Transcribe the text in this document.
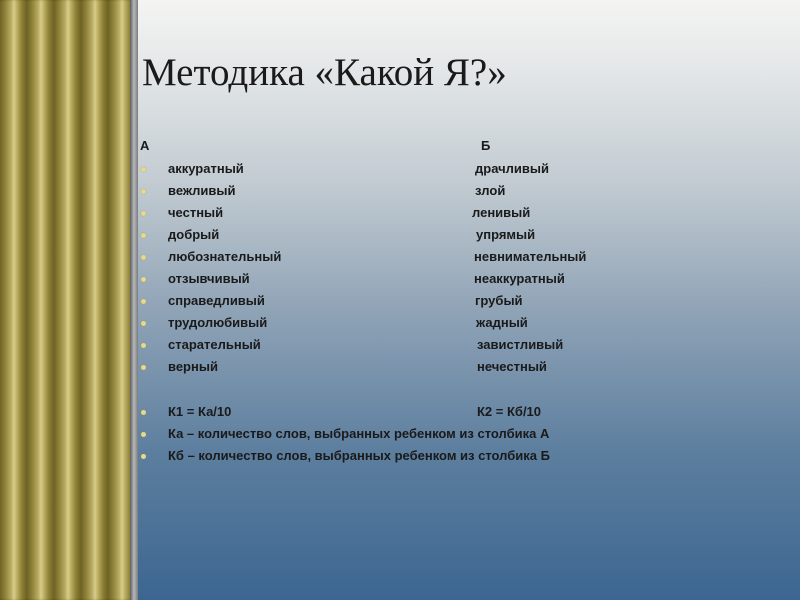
Методика «Какой Я?»
А	Б
аккуратный	драчливый
вежливый	злой
честный	ленивый
добрый	упрямый
любознательный	невнимательный
отзывчивый	неаккуратный
справедливый	грубый
трудолюбивый	жадный
старательный	завистливый
верный	нечестный
К1 = Ка/10	К2 = Кб/10
Ка – количество слов, выбранных ребенком из столбика А
Кб – количество слов, выбранных ребенком из столбика Б
